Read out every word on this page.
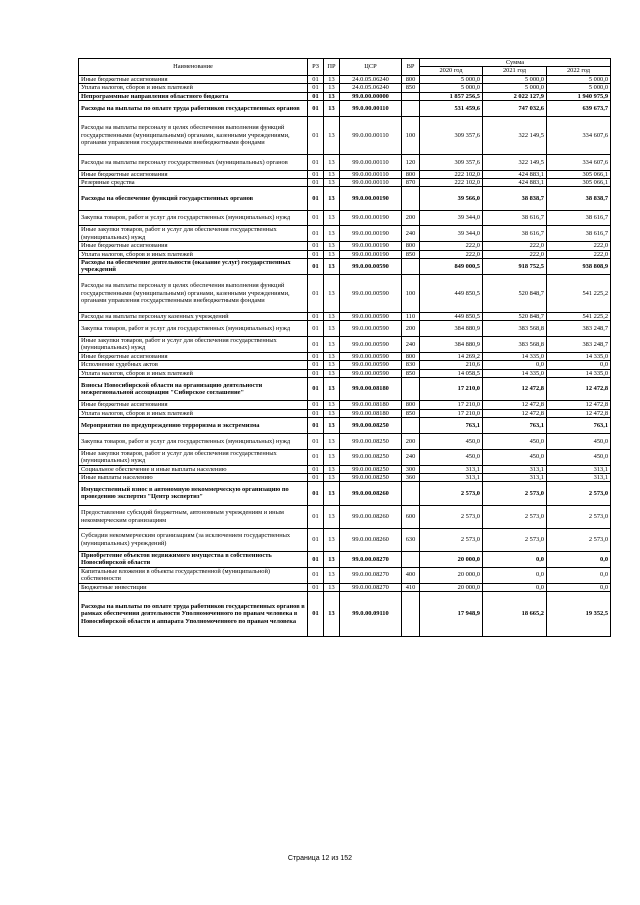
Наименование	РЗ	ПР	ЦСР	ВР	Сумма		
					2020 год	2021 год	2022 год
Иные бюджетные ассигнования	01	13	24.0.05.06240	800	5 000,0	5 000,0	5 000,0
Уплата налогов, сборов и иных платежей	01	13	24.0.05.06240	850	5 000,0	5 000,0	5 000,0
Непрограммные направления областного бюджета	01	13	99.0.00.00000		1 857 256,5	2 022 127,9	1 940 975,9
Расходы на выплаты по оплате труда работников государственных органов	01	13	99.0.00.00110		531 459,6	747 032,6	639 673,7
Расходы на выплаты персоналу в целях обеспечения выполнения функций государственными (муниципальными) органами, казенными учреждениями, органами управления государственными внебюджетными фондами	01	13	99.0.00.00110	100	309 357,6	322 149,5	334 607,6
Расходы на выплаты персоналу государственных (муниципальных) органов	01	13	99.0.00.00110	120	309 357,6	322 149,5	334 607,6
Иные бюджетные ассигнования	01	13	99.0.00.00110	800	222 102,0	424 883,1	305 066,1
Резервные средства	01	13	99.0.00.00110	870	222 102,0	424 883,1	305 066,1
Расходы на обеспечение функций государственных органов	01	13	99.0.00.00190		39 566,0	38 838,7	38 838,7
Закупка товаров, работ и услуг для государственных (муниципальных) нужд	01	13	99.0.00.00190	200	39 344,0	38 616,7	38 616,7
Иные закупки товаров, работ и услуг для обеспечения государственных (муниципальных) нужд	01	13	99.0.00.00190	240	39 344,0	38 616,7	38 616,7
Иные бюджетные ассигнования	01	13	99.0.00.00190	800	222,0	222,0	222,0
Уплата налогов, сборов и иных платежей	01	13	99.0.00.00190	850	222,0	222,0	222,0
Расходы на обеспечение деятельности (оказание услуг) государственных учреждений	01	13	99.0.00.00590		849 000,5	918 752,5	938 808,9
Расходы на выплаты персоналу в целях обеспечения выполнения функций государственными (муниципальными) органами, казенными учреждениями, органами управления государственными внебюджетными фондами	01	13	99.0.00.00590	100	449 850,5	520 848,7	541 225,2
Расходы на выплаты персоналу казенных учреждений	01	13	99.0.00.00590	110	449 850,5	520 848,7	541 225,2
Закупка товаров, работ и услуг для государственных (муниципальных) нужд	01	13	99.0.00.00590	200	384 880,9	383 568,8	383 248,7
Иные закупки товаров, работ и услуг для обеспечения государственных (муниципальных) нужд	01	13	99.0.00.00590	240	384 880,9	383 568,8	383 248,7
Иные бюджетные ассигнования	01	13	99.0.00.00590	800	14 269,2	14 335,0	14 335,0
Исполнение судебных актов	01	13	99.0.00.00590	830	210,6	0,0	0,0
Уплата налогов, сборов и иных платежей	01	13	99.0.00.00590	850	14 058,5	14 335,0	14 335,0
Взносы Новосибирской области на организацию деятельности межрегиональной ассоциации "Сибирское соглашение"	01	13	99.0.00.08180		17 210,0	12 472,8	12 472,8
Иные бюджетные ассигнования	01	13	99.0.00.08180	800	17 210,0	12 472,8	12 472,8
Уплата налогов, сборов и иных платежей	01	13	99.0.00.08180	850	17 210,0	12 472,8	12 472,8
Мероприятия по предупреждению терроризма и экстремизма	01	13	99.0.00.08250		763,1	763,1	763,1
Закупка товаров, работ и услуг для государственных (муниципальных) нужд	01	13	99.0.00.08250	200	450,0	450,0	450,0
Иные закупки товаров, работ и услуг для обеспечения государственных (муниципальных) нужд	01	13	99.0.00.08250	240	450,0	450,0	450,0
Социальное обеспечение и иные выплаты населению	01	13	99.0.00.08250	300	313,1	313,1	313,1
Иные выплаты населению	01	13	99.0.00.08250	360	313,1	313,1	313,1
Имущественный взнос в автономную некоммерческую организацию по проведению экспертиз "Центр экспертиз"	01	13	99.0.00.08260		2 573,0	2 573,0	2 573,0
Предоставление субсидий бюджетным, автономным учреждениям и иным некоммерческим организациям	01	13	99.0.00.08260	600	2 573,0	2 573,0	2 573,0
Субсидии некоммерческим организациям (за исключением государственных (муниципальных) учреждений)	01	13	99.0.00.08260	630	2 573,0	2 573,0	2 573,0
Приобретение объектов недвижимого имущества в собственность Новосибирской области	01	13	99.0.00.08270		20 000,0	0,0	0,0
Капитальные вложения в объекты государственной (муниципальной) собственности	01	13	99.0.00.08270	400	20 000,0	0,0	0,0
Бюджетные инвестиции	01	13	99.0.00.08270	410	20 000,0	0,0	0,0
Расходы на выплаты по оплате труда работников государственных органов в рамках обеспечения деятельности Уполномоченного по правам человека в Новосибирской области и аппарата Уполномоченного по правам человека	01	13	99.0.00.09110		17 948,9	18 665,2	19 352,5
Страница 12 из 152
